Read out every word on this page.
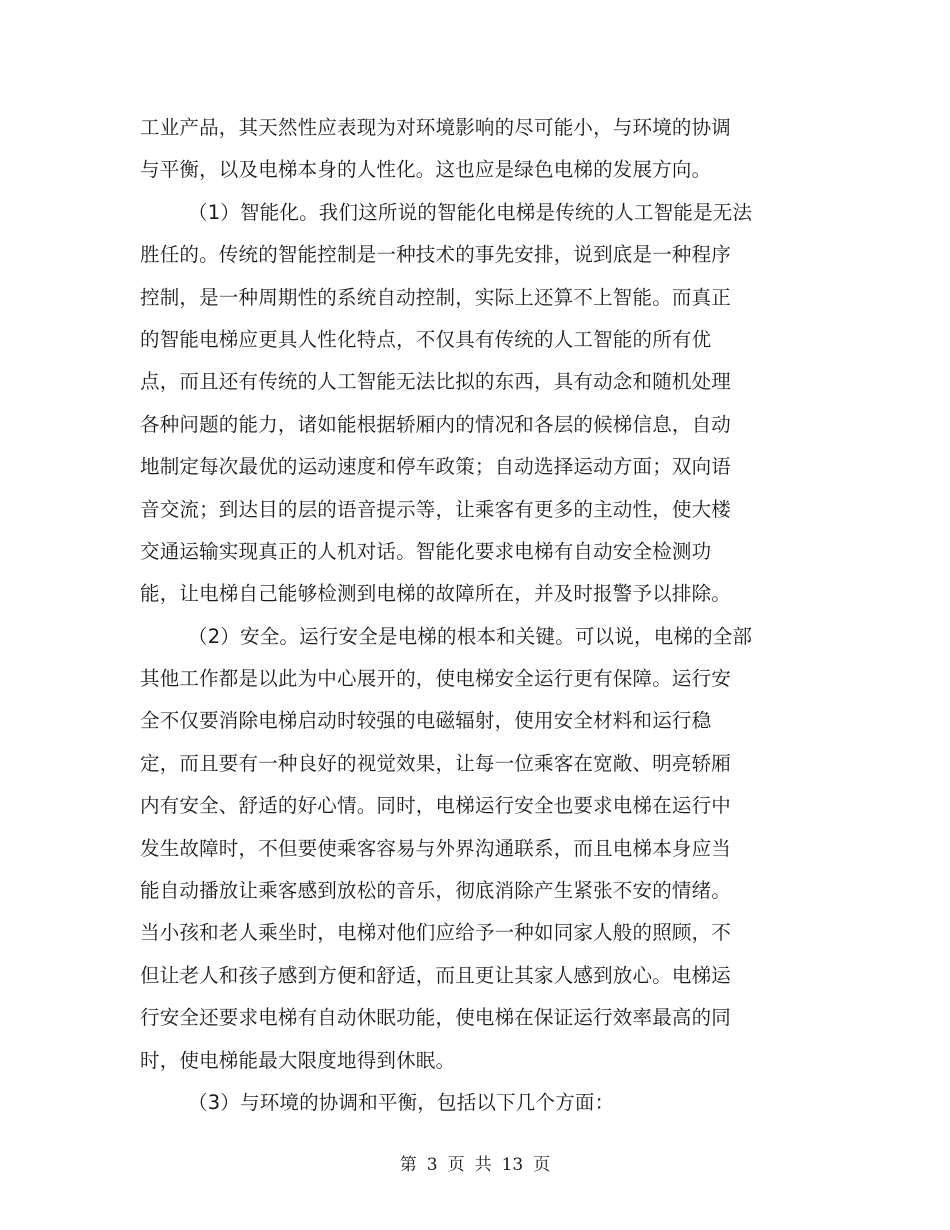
工业产品，其天然性应表现为对环境影响的尽可能小，与环境的协调
与平衡，以及电梯本身的人性化。这也应是绿色电梯的发展方向。
（1）智能化。我们这所说的智能化电梯是传统的人工智能是无法
胜任的。传统的智能控制是一种技术的事先安排，说到底是一种程序
控制，是一种周期性的系统自动控制，实际上还算不上智能。而真正
的智能电梯应更具人性化特点，不仅具有传统的人工智能的所有优
点，而且还有传统的人工智能无法比拟的东西，具有动念和随机处理
各种问题的能力，诸如能根据轿厢内的情况和各层的候梯信息，自动
地制定每次最优的运动速度和停车政策；自动选择运动方面；双向语
音交流；到达目的层的语音提示等，让乘客有更多的主动性，使大楼
交通运输实现真正的人机对话。智能化要求电梯有自动安全检测功
能，让电梯自己能够检测到电梯的故障所在，并及时报警予以排除。
（2）安全。运行安全是电梯的根本和关键。可以说，电梯的全部
其他工作都是以此为中心展开的，使电梯安全运行更有保障。运行安
全不仅要消除电梯启动时较强的电磁辐射，使用安全材料和运行稳
定，而且要有一种良好的视觉效果，让每一位乘客在宽敞、明亮轿厢
内有安全、舒适的好心情。同时，电梯运行安全也要求电梯在运行中
发生故障时，不但要使乘客容易与外界沟通联系，而且电梯本身应当
能自动播放让乘客感到放松的音乐，彻底消除产生紧张不安的情绪。
当小孩和老人乘坐时，电梯对他们应给予一种如同家人般的照顾，不
但让老人和孩子感到方便和舒适，而且更让其家人感到放心。电梯运
行安全还要求电梯有自动休眠功能，使电梯在保证运行效率最高的同
时，使电梯能最大限度地得到休眠。
（3）与环境的协调和平衡，包括以下几个方面：
第 3 页 共 13 页
